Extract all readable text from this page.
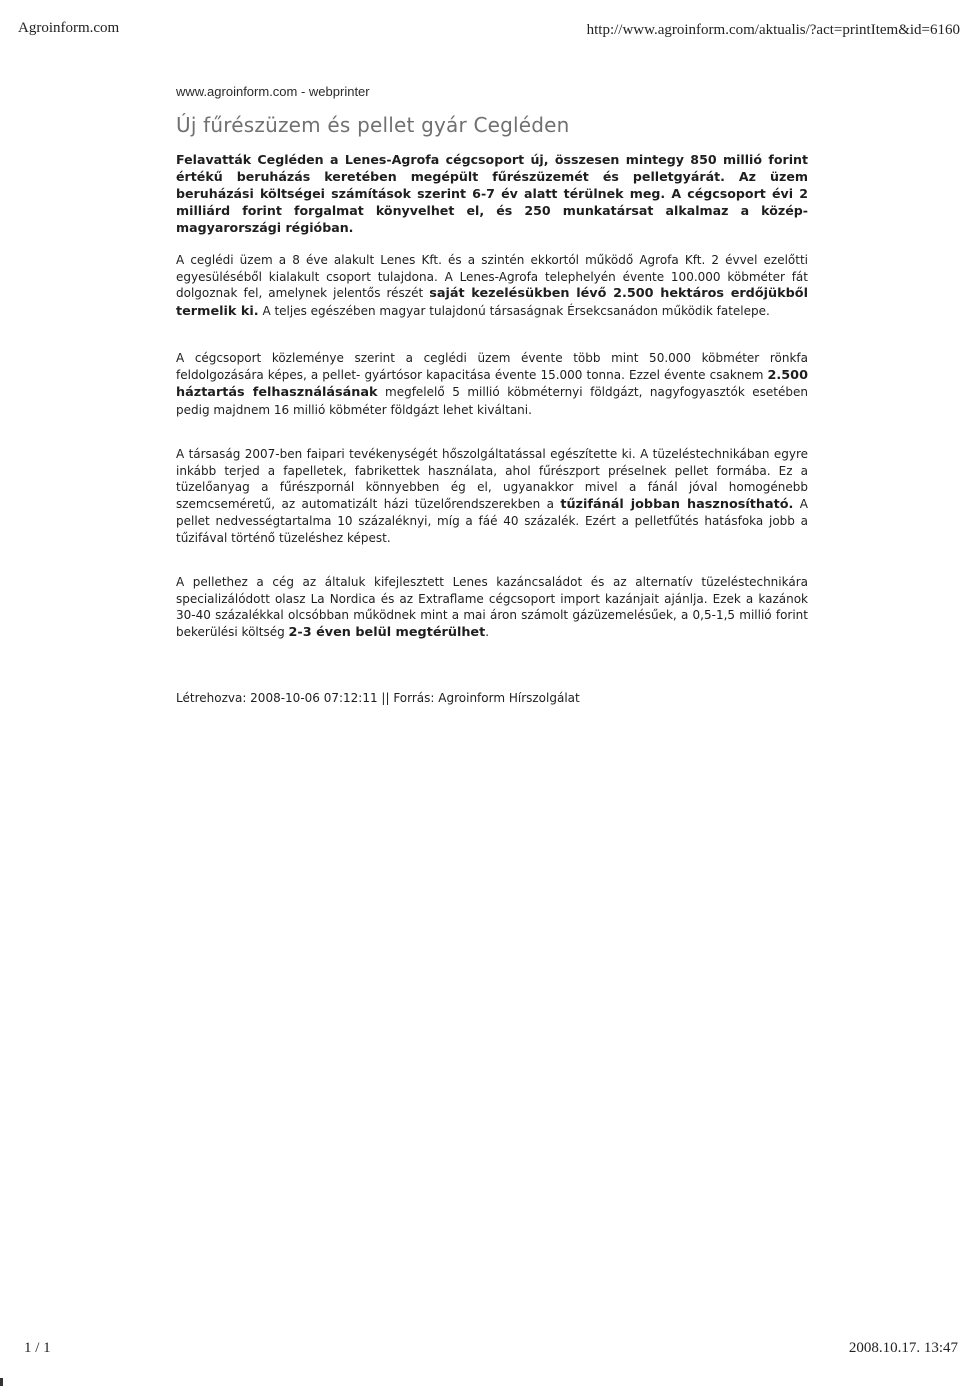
Agroinform.com	http://www.agroinform.com/aktualis/?act=printItem&id=6160
www.agroinform.com - webprinter
Új fűrészüzem és pellet gyár Cegléden

Felavatták Cegléden a Lenes-Agrofa cégcsoport új, összesen mintegy 850 millió forint értékű beruházás keretében megépült fűrészüzemét és pelletgyárát. Az üzem beruházási költségei számítások szerint 6-7 év alatt térülnek meg. A cégcsoport évi 2 milliárd forint forgalmat könyvelhet el, és 250 munkatársat alkalmaz a közép-magyarországi régióban.

A ceglédi üzem a 8 éve alakult Lenes Kft. és a szintén ekkortól működő Agrofa Kft. 2 évvel ezelőtti egyesüléséből kialakult csoport tulajdona. A Lenes-Agrofa telephelyén évente 100.000 köbméter fát dolgoznak fel, amelynek jelentős részét saját kezelésükben lévő 2.500 hektáros erdőjükből termelik ki. A teljes egészében magyar tulajdonú társaságnak Érsekcsanádon működik fatelepe.

A cégcsoport közleménye szerint a ceglédi üzem évente több mint 50.000 köbméter rönkfa feldolgozására képes, a pellet- gyártósor kapacitása évente 15.000 tonna. Ezzel évente csaknem 2.500 háztartás felhasználásának megfelelő 5 millió köbméternyi földgázt, nagyfogyasztók esetében pedig majdnem 16 millió köbméter földgázt lehet kiváltani.

A társaság 2007-ben faipari tevékenységét hőszolgáltatással egészítette ki. A tüzeléstechnikában egyre inkább terjed a fapelletek, fabrikettek használata, ahol fűrészport préselnek pellet formába. Ez a tüzelőanyag a fűrészpornál könnyebben ég el, ugyanakkor mivel a fánál jóval homogénebb szemcseméretű, az automatizált házi tüzelőrendszerekben a tűzifánál jobban hasznosítható. A pellet nedvességtartalma 10 százaléknyi, míg a fáé 40 százalék. Ezért a pelletfűtés hatásfoka jobb a tűzifával történő tüzeléshez képest.

A pellethez a cég az általuk kifejlesztett Lenes kazáncsaládot és az alternatív tüzeléstechnikára specializálódott olasz La Nordica és az Extraflame cégcsoport import kazánjait ajánlja. Ezek a kazánok 30-40 százalékkal olcsóbban működnek mint a mai áron számolt gázüzemelésűek, a 0,5-1,5 millió forint bekerülési költség 2-3 éven belül megtérülhet.

Létrehozva: 2008-10-06 07:12:11 || Forrás: Agroinform Hírszolgálat
1 / 1	2008.10.17. 13:47
